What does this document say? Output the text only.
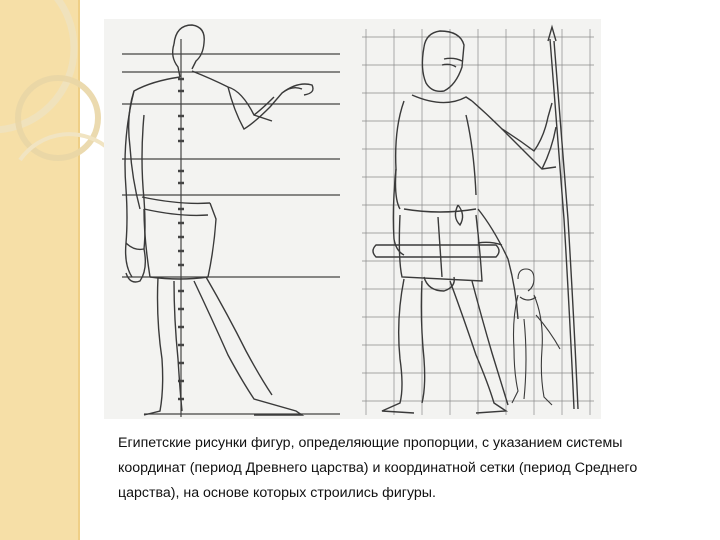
Египетские рисунки фигур, определяющие пропорции, с указанием системы координат (период Древнего царства) и координатной сетки (период Среднего царства), на основе которых строились фигуры.
